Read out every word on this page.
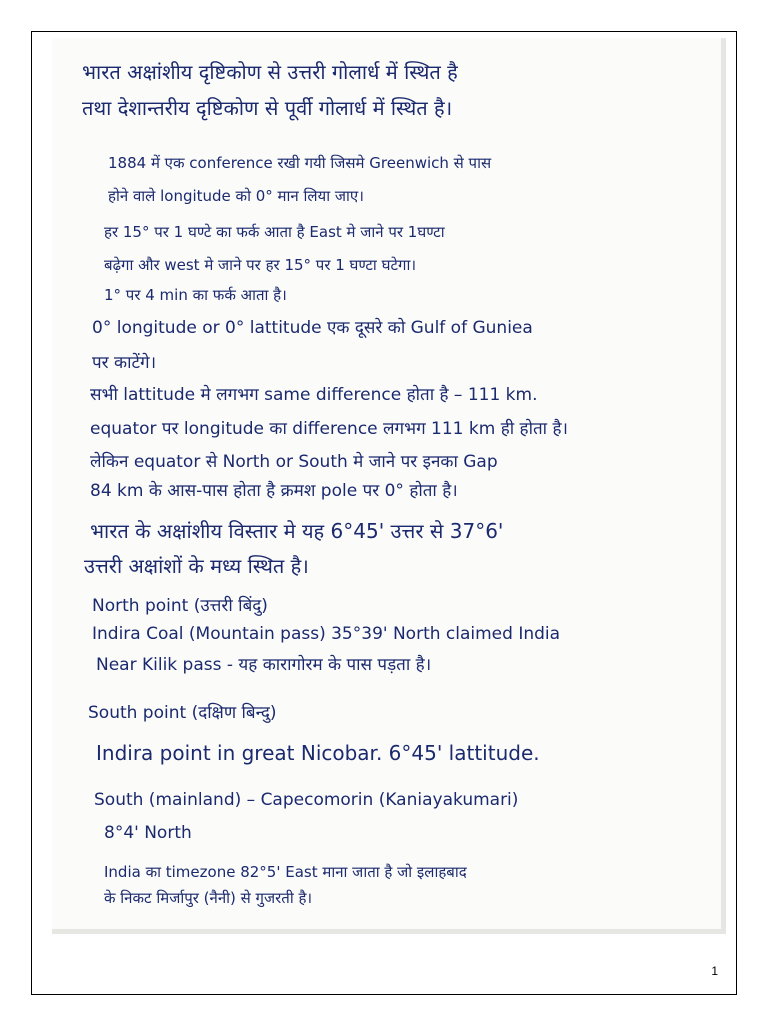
भारत अक्षांशीय दृष्टिकोण से उत्तरी गोलार्ध में स्थित है
तथा देशान्तरीय दृष्टिकोण से पूर्वी गोलार्ध में स्थित है।
1884 में एक conference रखी गयी जिसमे Greenwich से पास
होने वाले longitude को 0° मान लिया जाए।
हर 15° पर 1 घण्टे का फर्क आता है East मे जाने पर 1घण्टा
बढ़ेगा और west मे जाने पर हर 15° पर 1 घण्टा घटेगा।
1° पर 4 min का फर्क आता है।
0° longitude or 0° lattitude एक दूसरे को Gulf of Guniea
पर काटेंगे।
सभी lattitude मे लगभग same difference होता है – 111 km.
equator पर longitude का difference लगभग 111 km ही होता है।
लेकिन equator से North or South मे जाने पर इनका Gap
84 km के आस-पास होता है क्रमश pole पर 0° होता है।
भारत के अक्षांशीय विस्तार मे यह 6°45' उत्तर से 37°6'
उत्तरी अक्षांशों के मध्य स्थित है।
North point (उत्तरी बिंदु)
Indira Coal (Mountain pass) 35°39' North claimed India
Near Kilik pass - यह कारागोरम के पास पड़ता है।
South point (दक्षिण बिन्दु)
Indira point in great Nicobar. 6°45' lattitude.
South (mainland) – Capecomorin (Kaniayakumari)
8°4' North
India का timezone 82°5' East माना जाता है जो इलाहबाद
के निकट मिर्जापुर (नैनी) से गुजरती है।
1
